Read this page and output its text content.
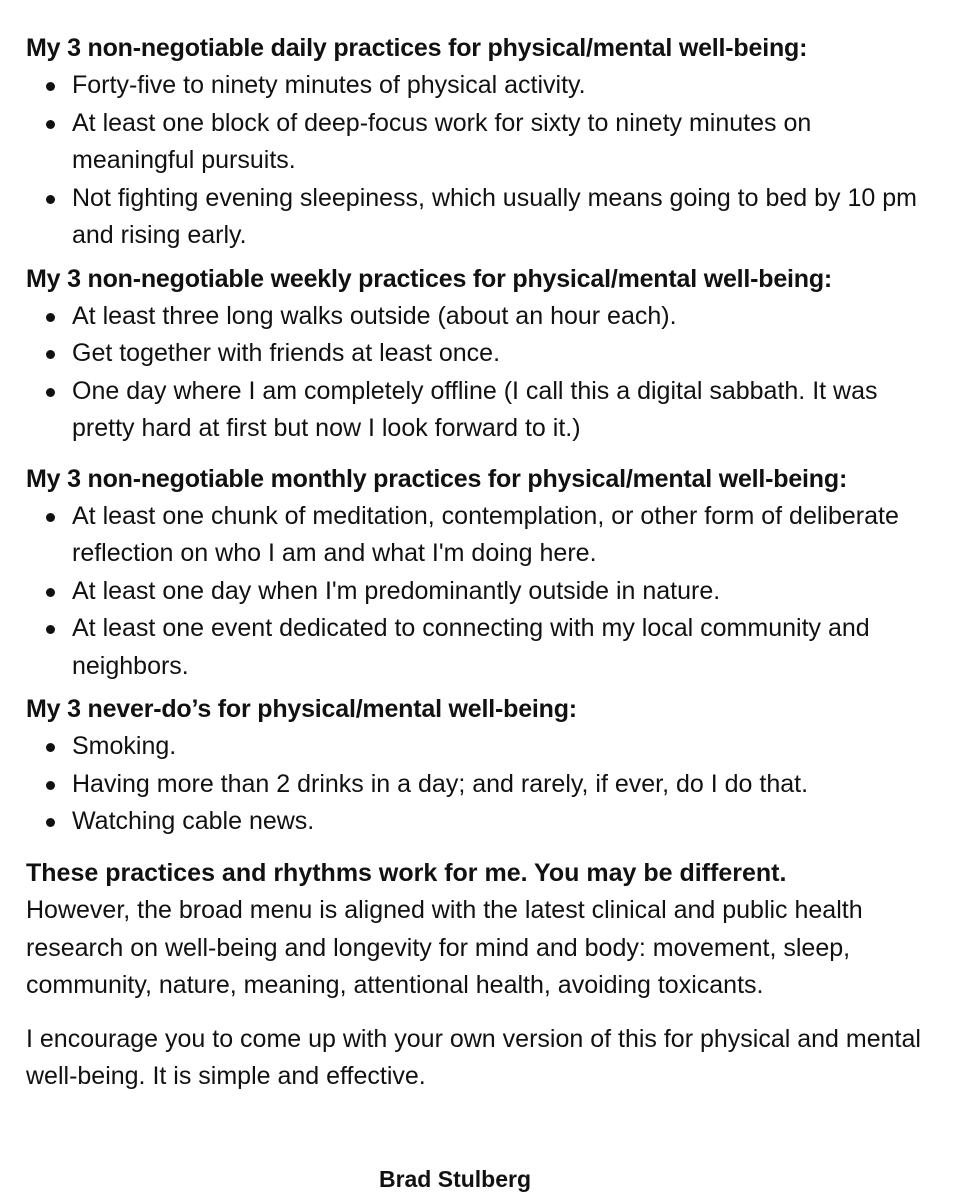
My 3 non-negotiable daily practices for physical/mental well-being:

Forty-five to ninety minutes of physical activity.
At least one block of deep-focus work for sixty to ninety minutes on meaningful pursuits.
Not fighting evening sleepiness, which usually means going to bed by 10 pm and rising early.

My 3 non-negotiable weekly practices for physical/mental well-being:

At least three long walks outside (about an hour each).
Get together with friends at least once.
One day where I am completely offline (I call this a digital sabbath. It was pretty hard at first but now I look forward to it.)

My 3 non-negotiable monthly practices for physical/mental well-being:

At least one chunk of meditation, contemplation, or other form of deliberate reflection on who I am and what I'm doing here.
At least one day when I'm predominantly outside in nature.
At least one event dedicated to connecting with my local community and neighbors.

My 3 never-do’s for physical/mental well-being:

Smoking.
Having more than 2 drinks in a day; and rarely, if ever, do I do that.
Watching cable news.

These practices and rhythms work for me. You may be different.
However, the broad menu is aligned with the latest clinical and public health research on well-being and longevity for mind and body: movement, sleep, community, nature, meaning, attentional health, avoiding toxicants.

I encourage you to come up with your own version of this for physical and mental well-being. It is simple and effective.

Brad Stulberg
